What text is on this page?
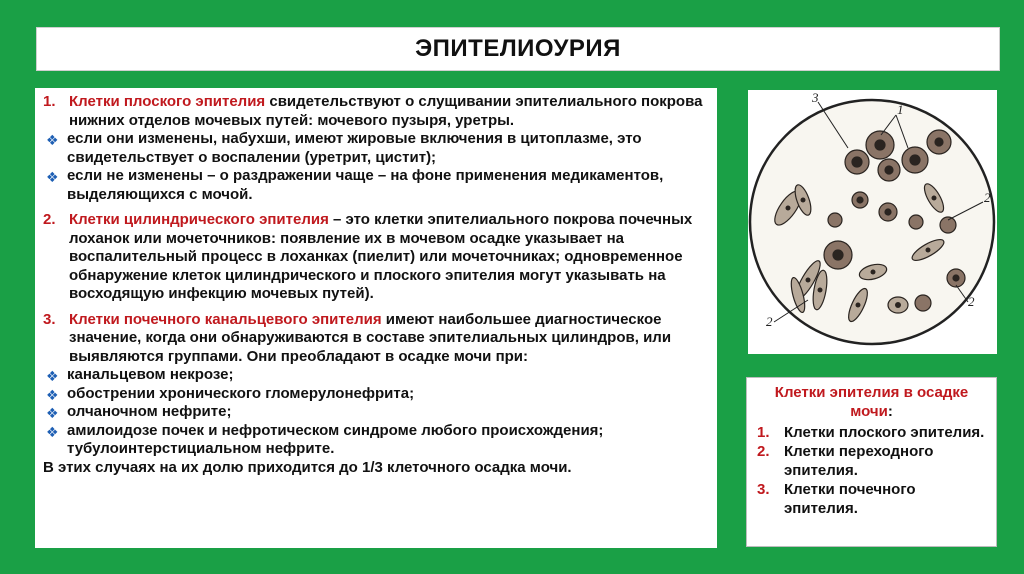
ЭПИТЕЛИОУРИЯ
1. Клетки плоского эпителия свидетельствуют о слущивании эпителиального покрова нижних отделов мочевых путей: мочевого пузыря, уретры.
❖ если они изменены, набухши, имеют жировые включения в цитоплазме, это свидетельствует о воспалении (уретрит, цистит);
❖ если не изменены – о раздражении чаще – на фоне применения медикаментов, выделяющихся с мочой.
2. Клетки цилиндрического эпителия – это клетки эпителиального покрова почечных лоханок или мочеточников: появление их в мочевом осадке указывает на воспалительный процесс в лоханках (пиелит) или мочеточниках; одновременное обнаружение клеток цилиндрического и плоского эпителия могут указывать на восходящую инфекцию мочевых путей).
3. Клетки почечного канальцевого эпителия имеют наибольшее диагностическое значение, когда они обнаруживаются в составе эпителиальных цилиндров, или выявляются группами. Они преобладают в осадке мочи при:
❖ канальцевом некрозе;
❖ обострении хронического гломерулонефрита;
❖ олчаночном нефрите;
❖ амилоидозе почек и нефротическом синдроме любого происхождения; тубулоинтерстициальном нефрите.
В этих случаях на их долю приходится до 1/3 клеточного осадка мочи.
3
1
2
2
2
Клетки эпителия в осадке мочи:
1. Клетки плоского эпителия.
2. Клетки переходного эпителия.
3. Клетки почечного эпителия.
